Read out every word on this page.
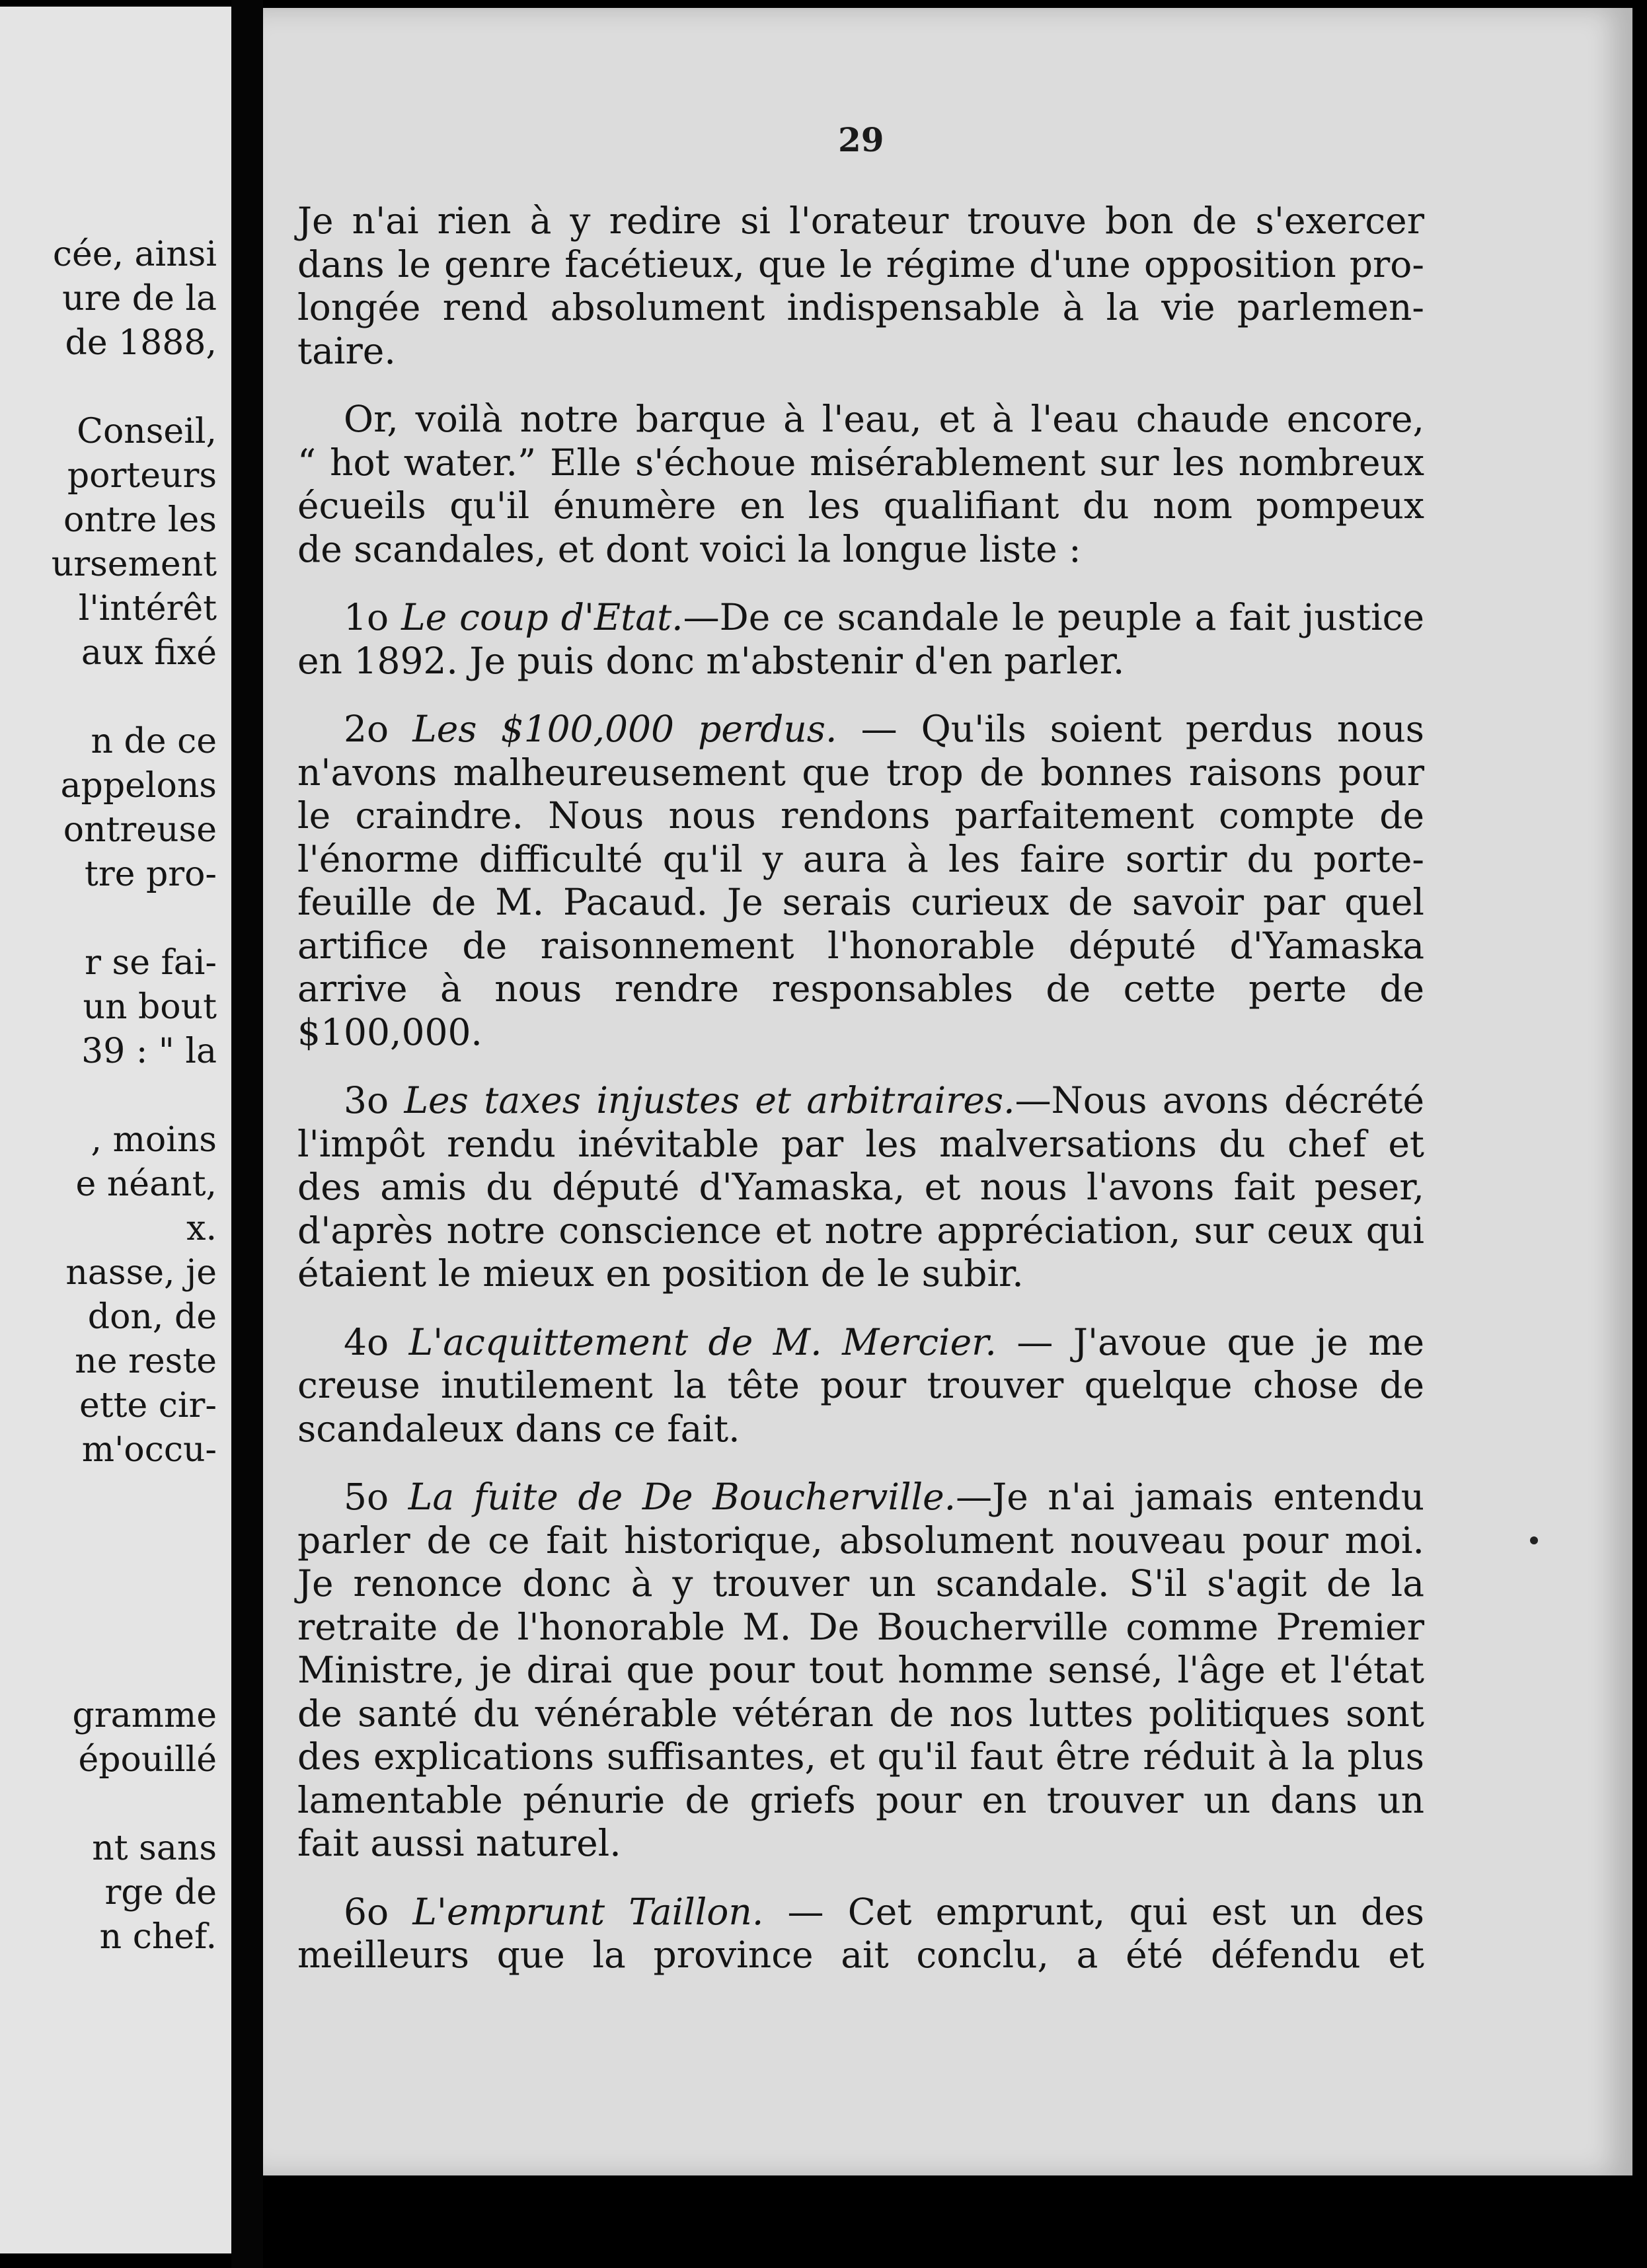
cée, ainsi
ure de la
de 1888,
Conseil,
porteurs
ontre les
ursement
l'intérêt
aux fixé
n de ce
appelons
ontreuse
tre pro-
r se fai-
un bout
39 : " la
, moins
e néant,
x.
nasse, je
don, de
ne reste
ette cir-
m'occu-
gramme
épouillé
nt sans
rge de
n chef.
29
Je n'ai rien à y redire si l'orateur trouve bon de s'exercer
dans le genre facétieux, que le régime d'une opposition pro-
longée rend absolument indispensable à la vie parlemen-
taire.
Or, voilà notre barque à l'eau, et à l'eau chaude encore,
“ hot water.” Elle s'échoue misérablement sur les nombreux
écueils qu'il énumère en les qualifiant du nom pompeux
de scandales, et dont voici la longue liste :
1o Le coup d'Etat.—De ce scandale le peuple a fait justice
en 1892. Je puis donc m'abstenir d'en parler.
2o Les $100,000 perdus. — Qu'ils soient perdus nous
n'avons malheureusement que trop de bonnes raisons pour
le craindre. Nous nous rendons parfaitement compte de
l'énorme difficulté qu'il y aura à les faire sortir du porte-
feuille de M. Pacaud. Je serais curieux de savoir par quel
artifice de raisonnement l'honorable député d'Yamaska
arrive à nous rendre responsables de cette perte de $100,000.
3o Les taxes injustes et arbitraires.—Nous avons décrété
l'impôt rendu inévitable par les malversations du chef et
des amis du député d'Yamaska, et nous l'avons fait peser,
d'après notre conscience et notre appréciation, sur ceux qui
étaient le mieux en position de le subir.
4o L'acquittement de M. Mercier. — J'avoue que je me
creuse inutilement la tête pour trouver quelque chose de
scandaleux dans ce fait.
5o La fuite de De Boucherville.—Je n'ai jamais entendu
parler de ce fait historique, absolument nouveau pour moi.
Je renonce donc à y trouver un scandale. S'il s'agit de la
retraite de l'honorable M. De Boucherville comme Premier
Ministre, je dirai que pour tout homme sensé, l'âge et l'état
de santé du vénérable vétéran de nos luttes politiques sont
des explications suffisantes, et qu'il faut être réduit à la plus
lamentable pénurie de griefs pour en trouver un dans un
fait aussi naturel.
6o L'emprunt Taillon. — Cet emprunt, qui est un des
meilleurs que la province ait conclu, a été défendu et
